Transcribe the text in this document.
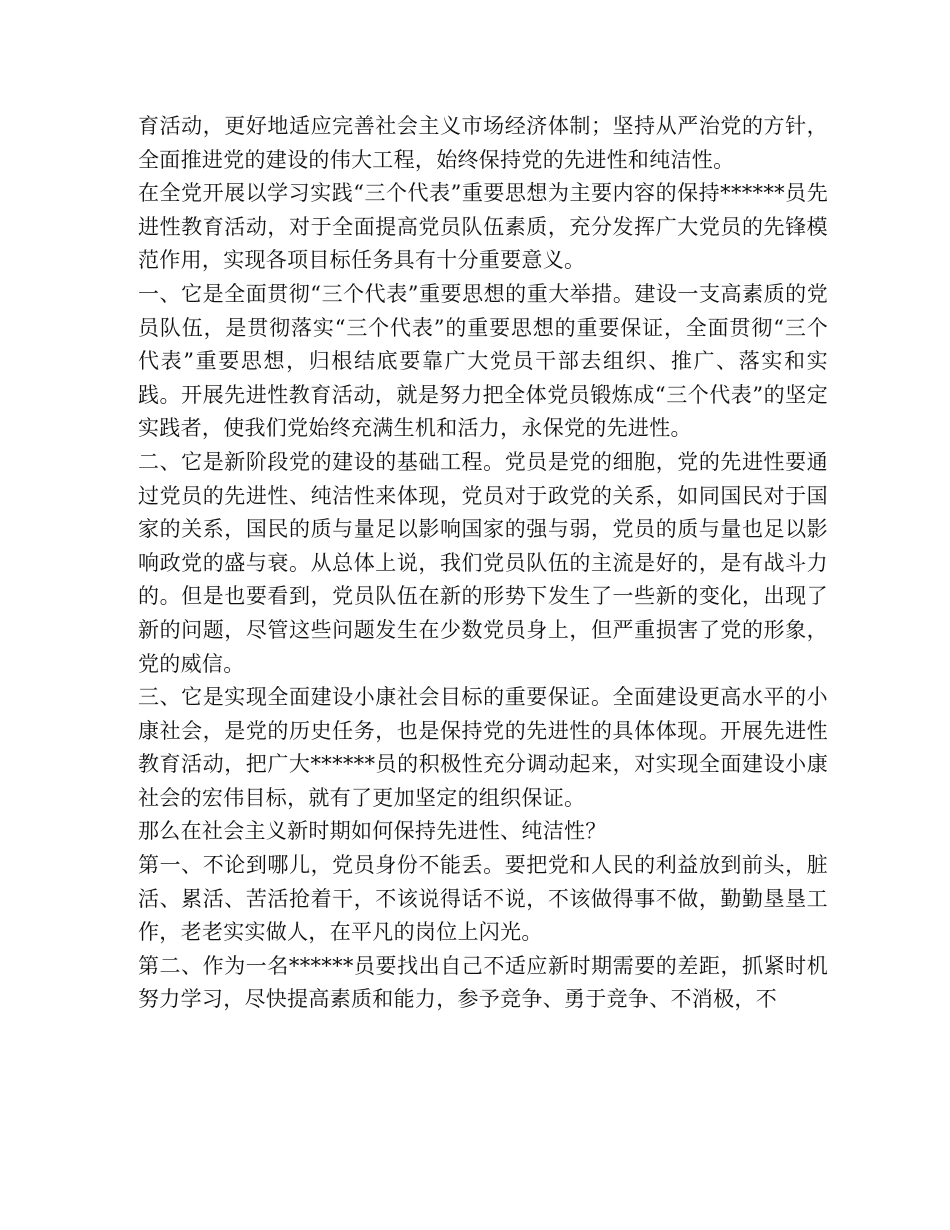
育活动，更好地适应完善社会主义市场经济体制；坚持从严治党的方针，全面推进党的建设的伟大工程，始终保持党的先进性和纯洁性。

在全党开展以学习实践“三个代表”重要思想为主要内容的保持******员先进性教育活动，对于全面提高党员队伍素质，充分发挥广大党员的先锋模范作用，实现各项目标任务具有十分重要意义。

一、它是全面贯彻“三个代表”重要思想的重大举措。建设一支高素质的党员队伍，是贯彻落实“三个代表”的重要思想的重要保证，全面贯彻“三个代表”重要思想，归根结底要靠广大党员干部去组织、推广、落实和实践。开展先进性教育活动，就是努力把全体党员锻炼成“三个代表”的坚定实践者，使我们党始终充满生机和活力，永保党的先进性。

二、它是新阶段党的建设的基础工程。党员是党的细胞，党的先进性要通过党员的先进性、纯洁性来体现，党员对于政党的关系，如同国民对于国家的关系，国民的质与量足以影响国家的强与弱，党员的质与量也足以影响政党的盛与衰。从总体上说，我们党员队伍的主流是好的，是有战斗力的。但是也要看到，党员队伍在新的形势下发生了一些新的变化，出现了新的问题，尽管这些问题发生在少数党员身上，但严重损害了党的形象，党的威信。

三、它是实现全面建设小康社会目标的重要保证。全面建设更高水平的小康社会，是党的历史任务，也是保持党的先进性的具体体现。开展先进性教育活动，把广大******员的积极性充分调动起来，对实现全面建设小康社会的宏伟目标，就有了更加坚定的组织保证。

那么在社会主义新时期如何保持先进性、纯洁性？

第一、不论到哪儿，党员身份不能丢。要把党和人民的利益放到前头，脏活、累活、苦活抢着干，不该说得话不说，不该做得事不做，勤勤垦垦工作，老老实实做人，在平凡的岗位上闪光。

第二、作为一名******员要找出自己不适应新时期需要的差距，抓紧时机努力学习，尽快提高素质和能力，参予竞争、勇于竞争、不消极，不
